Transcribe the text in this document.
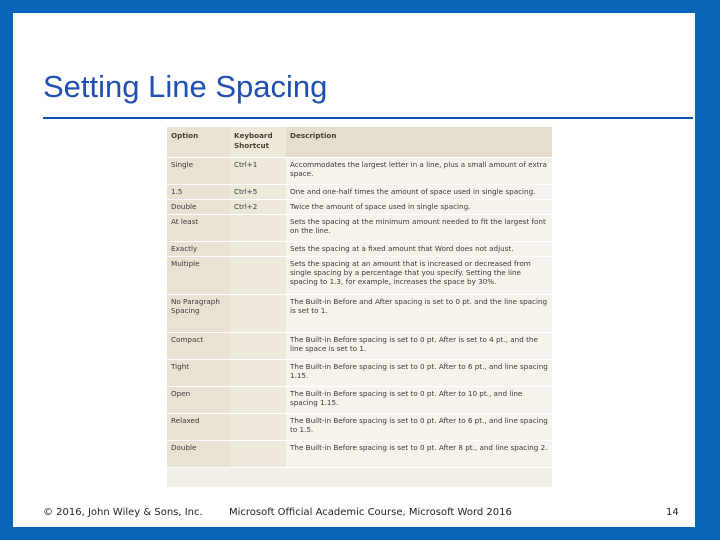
Setting Line Spacing
Option	Keyboard Shortcut	Description
Single	Ctrl+1	Accommodates the largest letter in a line, plus a small amount of extra space.
1.5	Ctrl+5	One and one-half times the amount of space used in single spacing.
Double	Ctrl+2	Twice the amount of space used in single spacing.
At least		Sets the spacing at the minimum amount needed to fit the largest font on the line.
Exactly		Sets the spacing at a fixed amount that Word does not adjust.
Multiple		Sets the spacing at an amount that is increased or decreased from single spacing by a percentage that you specify. Setting the line spacing to 1.3, for example, increases the space by 30%.
No Paragraph Spacing		The Built-in Before and After spacing is set to 0 pt. and the line spacing is set to 1.
Compact		The Built-in Before spacing is set to 0 pt. After is set to 4 pt., and the line space is set to 1.
Tight		The Built-in Before spacing is set to 0 pt. After to 6 pt., and line spacing 1.15.
Open		The Built-in Before spacing is set to 0 pt. After to 10 pt., and line spacing 1.15.
Relaxed		The Built-in Before spacing is set to 0 pt. After to 6 pt., and line spacing to 1.5.
Double		The Built-in Before spacing is set to 0 pt. After 8 pt., and line spacing 2.
© 2016, John Wiley & Sons, Inc.	Microsoft Official Academic Course, Microsoft Word 2016	14
